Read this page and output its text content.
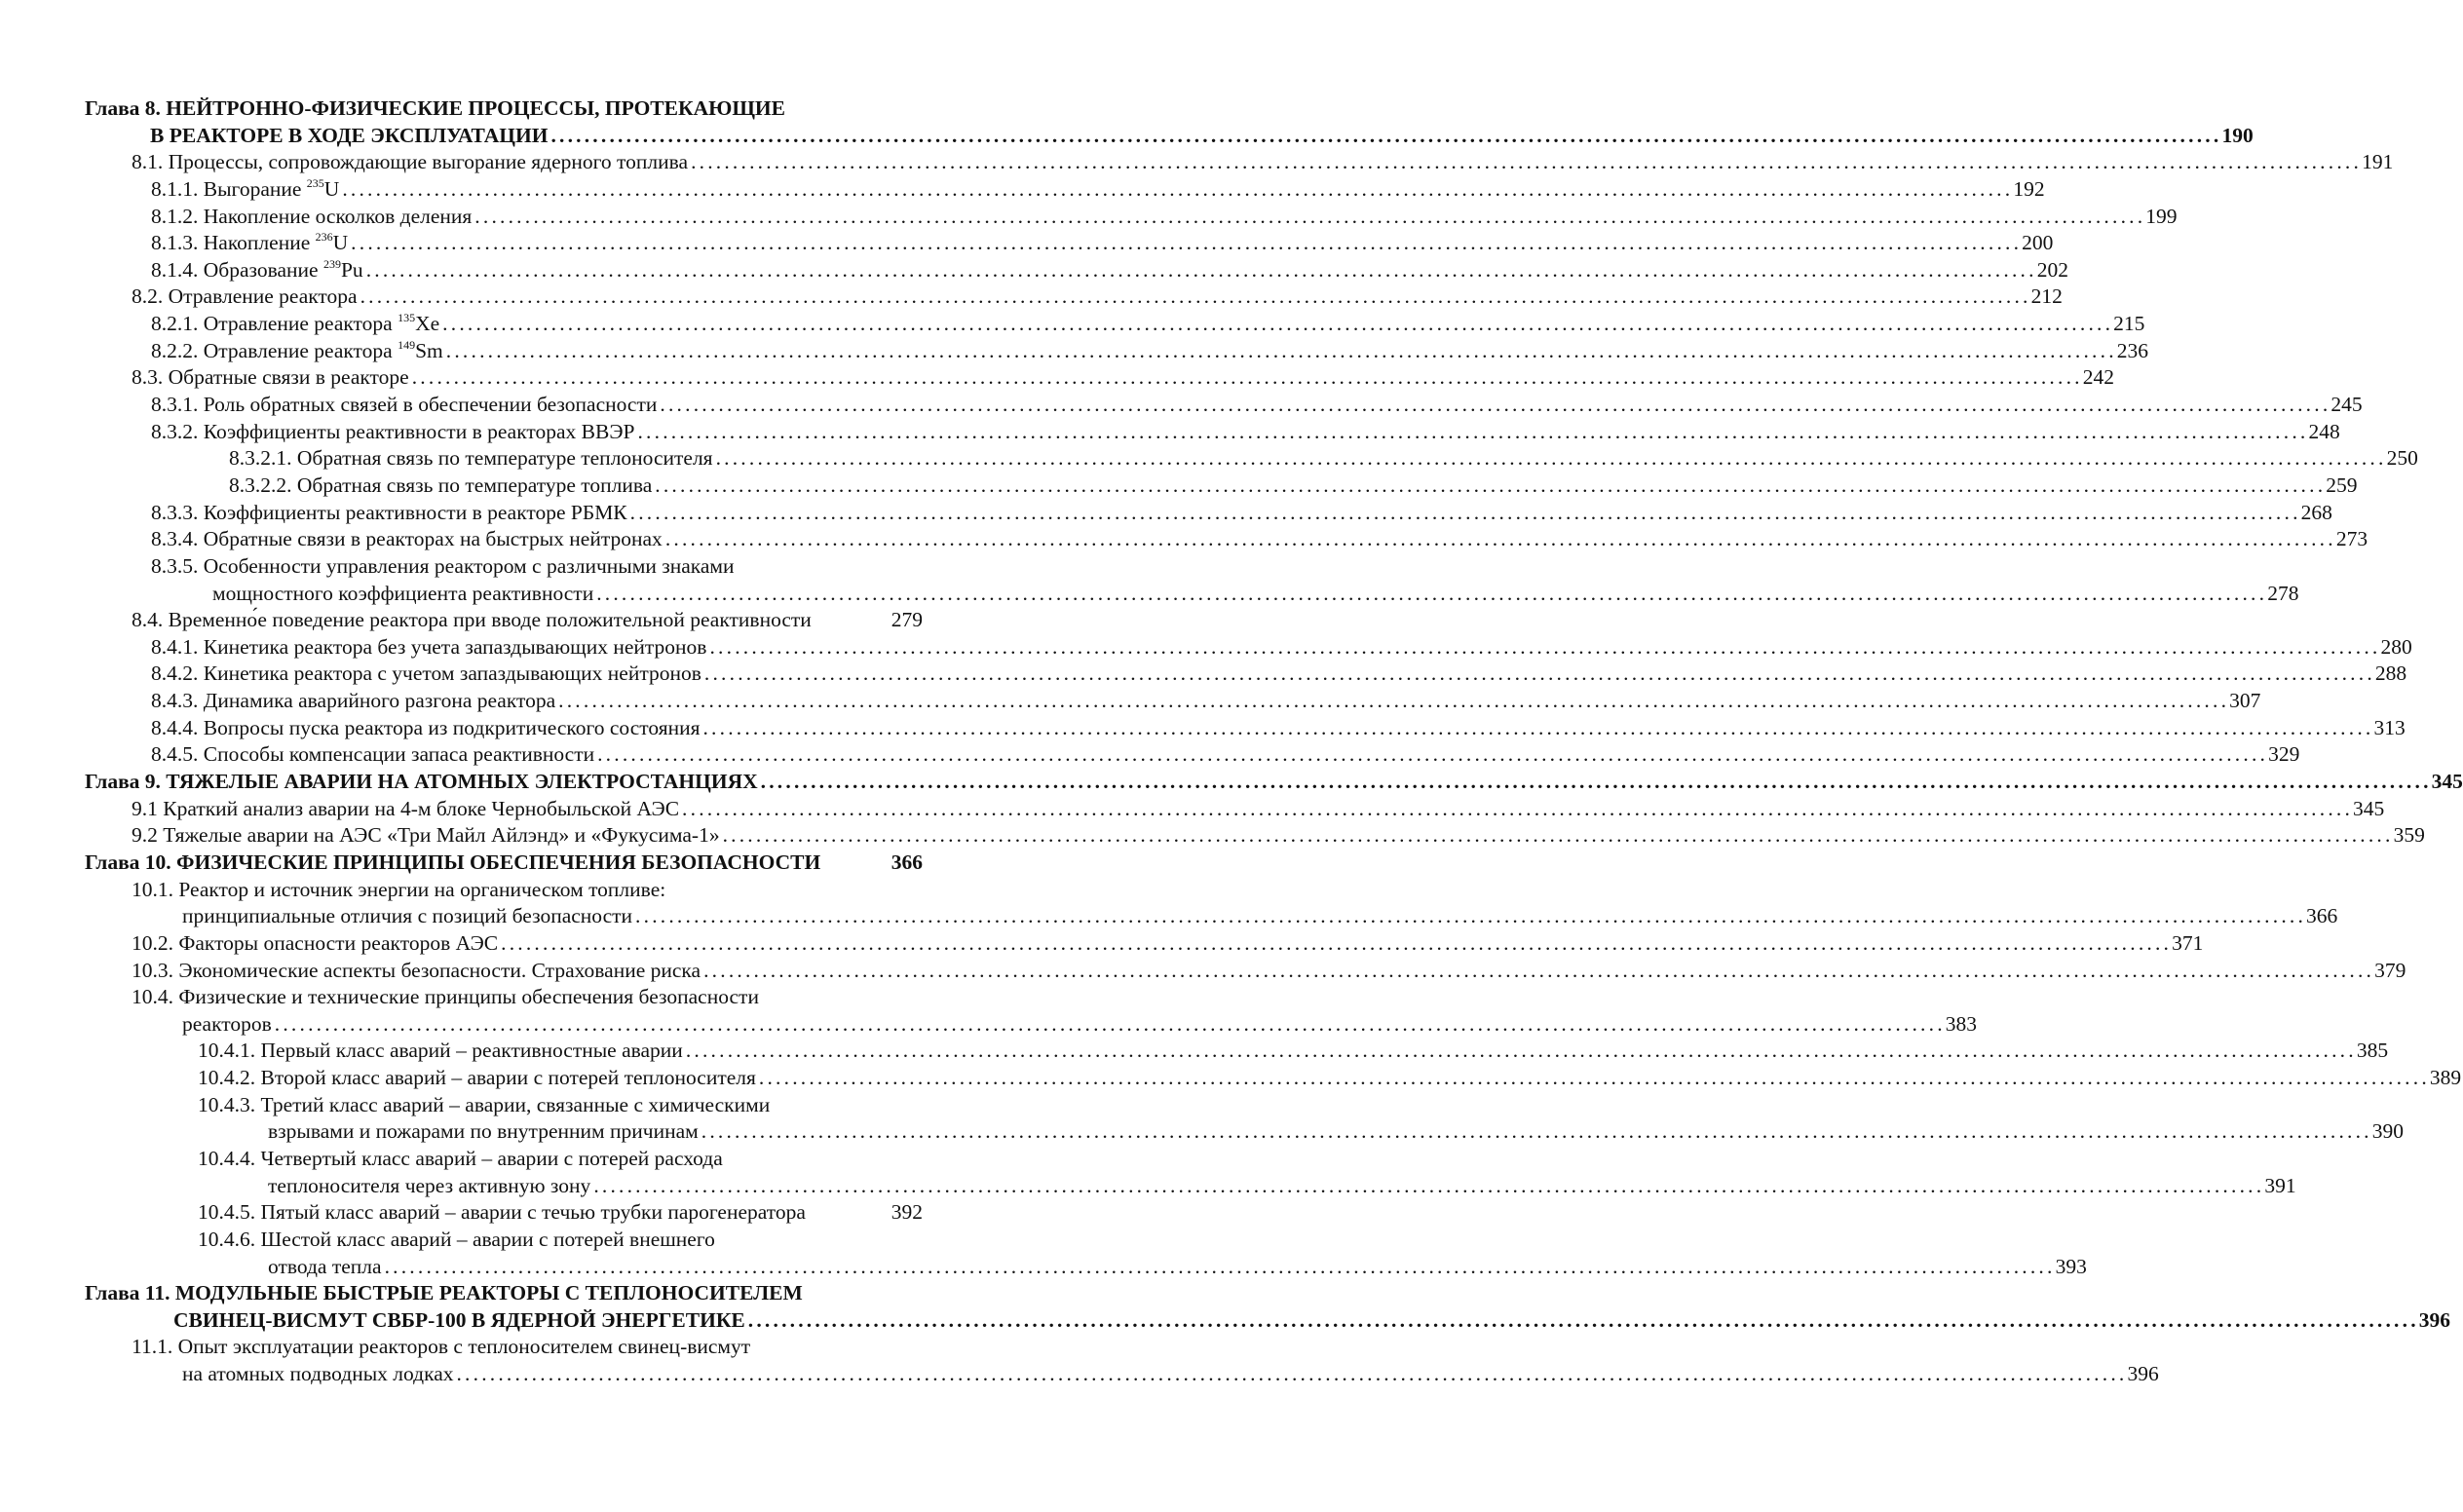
Глава 8. НЕЙТРОННО-ФИЗИЧЕСКИЕ ПРОЦЕССЫ, ПРОТЕКАЮЩИЕ
В РЕАКТОРЕ В ХОДЕ ЭКСПЛУАТАЦИИ ........................................................................................................................................................................................................ 190
8.1. Процессы, сопровождающие выгорание ядерного топлива ........................................................................................................................................................................................................ 191
8.1.1. Выгорание $^{235}$U ........................................................................................................................................................................................................ 192
8.1.2. Накопление осколков деления ........................................................................................................................................................................................................ 199
8.1.3. Накопление $^{236}$U ........................................................................................................................................................................................................ 200
8.1.4. Образование $^{239}$Pu ........................................................................................................................................................................................................ 202
8.2. Отравление реактора ........................................................................................................................................................................................................ 212
8.2.1. Отравление реактора $^{135}$Xe ........................................................................................................................................................................................................ 215
8.2.2. Отравление реактора $^{149}$Sm ........................................................................................................................................................................................................ 236
8.3. Обратные связи в реакторе ........................................................................................................................................................................................................ 242
8.3.1. Роль обратных связей в обеспечении безопасности ........................................................................................................................................................................................................ 245
8.3.2. Коэффициенты реактивности в реакторах ВВЭР ........................................................................................................................................................................................................ 248
8.3.2.1. Обратная связь по температуре теплоносителя ........................................................................................................................................................................................................ 250
8.3.2.2. Обратная связь по температуре топлива ........................................................................................................................................................................................................ 259
8.3.3. Коэффициенты реактивности в реакторе РБМК ........................................................................................................................................................................................................ 268
8.3.4. Обратные связи в реакторах на быстрых нейтронах ........................................................................................................................................................................................................ 273
8.3.5. Особенности управления реактором с различными знаками
мощностного коэффициента реактивности ........................................................................................................................................................................................................ 278
8.4. Временно́е поведение реактора при вводе положительной реактивности	279
8.4.1. Кинетика реактора без учета запаздывающих нейтронов ........................................................................................................................................................................................................ 280
8.4.2. Кинетика реактора с учетом запаздывающих нейтронов ........................................................................................................................................................................................................ 288
8.4.3. Динамика аварийного разгона реактора ........................................................................................................................................................................................................ 307
8.4.4. Вопросы пуска реактора из подкритического состояния ........................................................................................................................................................................................................ 313
8.4.5. Способы компенсации запаса реактивности ........................................................................................................................................................................................................ 329
Глава 9. ТЯЖЕЛЫЕ АВАРИИ НА АТОМНЫХ ЭЛЕКТРОСТАНЦИЯХ ........................................................................................................................................................................................................ 345
9.1 Краткий анализ аварии на 4-м блоке Чернобыльской АЭС ........................................................................................................................................................................................................ 345
9.2 Тяжелые аварии на АЭС «Три Майл Айлэнд» и «Фукусима-1» ........................................................................................................................................................................................................ 359
Глава 10. ФИЗИЧЕСКИЕ ПРИНЦИПЫ ОБЕСПЕЧЕНИЯ БЕЗОПАСНОСТИ	366
10.1. Реактор и источник энергии на органическом топливе:
принципиальные отличия с позиций безопасности ........................................................................................................................................................................................................ 366
10.2. Факторы опасности реакторов АЭС ........................................................................................................................................................................................................ 371
10.3. Экономические аспекты безопасности. Страхование риска ........................................................................................................................................................................................................ 379
10.4. Физические и технические принципы обеспечения безопасности
реакторов ........................................................................................................................................................................................................ 383
10.4.1. Первый класс аварий – реактивностные аварии ........................................................................................................................................................................................................ 385
10.4.2. Второй класс аварий – аварии с потерей теплоносителя ........................................................................................................................................................................................................ 389
10.4.3. Третий класс аварий – аварии, связанные с химическими
взрывами и пожарами по внутренним причинам ........................................................................................................................................................................................................ 390
10.4.4. Четвертый класс аварий – аварии с потерей расхода
теплоносителя через активную зону ........................................................................................................................................................................................................ 391
10.4.5. Пятый класс аварий – аварии с течью трубки парогенератора	392
10.4.6. Шестой класс аварий – аварии с потерей внешнего
отвода тепла ........................................................................................................................................................................................................ 393
Глава 11. МОДУЛЬНЫЕ БЫСТРЫЕ РЕАКТОРЫ С ТЕПЛОНОСИТЕЛЕМ
СВИНЕЦ-ВИСМУТ СВБР-100 В ЯДЕРНОЙ ЭНЕРГЕТИКЕ ........................................................................................................................................................................................................ 396
11.1. Опыт эксплуатации реакторов с теплоносителем свинец-висмут
на атомных подводных лодках ........................................................................................................................................................................................................ 396
